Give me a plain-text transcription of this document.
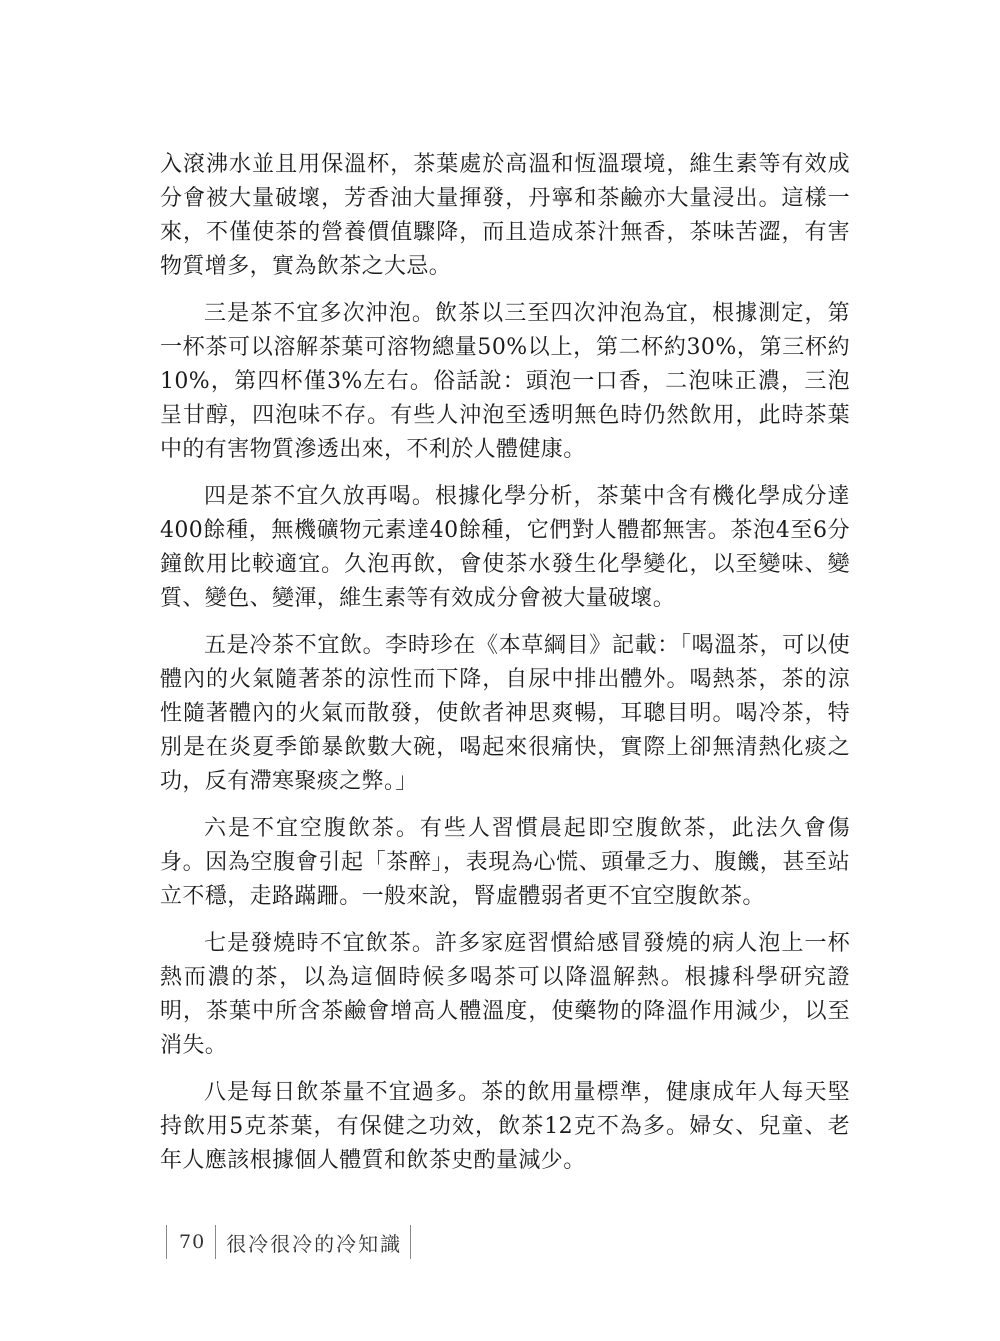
入滾沸水並且用保溫杯，茶葉處於高溫和恆溫環境，維生素等有效成分會被大量破壞，芳香油大量揮發，丹寧和茶鹼亦大量浸出。這樣一來，不僅使茶的營養價值驟降，而且造成茶汁無香，茶味苦澀，有害物質增多，實為飲茶之大忌。

三是茶不宜多次沖泡。飲茶以三至四次沖泡為宜，根據測定，第一杯茶可以溶解茶葉可溶物總量50%以上，第二杯約30%，第三杯約10%，第四杯僅3%左右。俗話說：頭泡一口香，二泡味正濃，三泡呈甘醇，四泡味不存。有些人沖泡至透明無色時仍然飲用，此時茶葉中的有害物質滲透出來，不利於人體健康。

四是茶不宜久放再喝。根據化學分析，茶葉中含有機化學成分達400餘種，無機礦物元素達40餘種，它們對人體都無害。茶泡4至6分鐘飲用比較適宜。久泡再飲，會使茶水發生化學變化，以至變味、變質、變色、變渾，維生素等有效成分會被大量破壞。

五是冷茶不宜飲。李時珍在《本草綱目》記載：「喝溫茶，可以使體內的火氣隨著茶的涼性而下降，自尿中排出體外。喝熱茶，茶的涼性隨著體內的火氣而散發，使飲者神思爽暢，耳聰目明。喝冷茶，特別是在炎夏季節暴飲數大碗，喝起來很痛快，實際上卻無清熱化痰之功，反有滯寒聚痰之弊。」

六是不宜空腹飲茶。有些人習慣晨起即空腹飲茶，此法久會傷身。因為空腹會引起「茶醉」，表現為心慌、頭暈乏力、腹饑，甚至站立不穩，走路蹣跚。一般來說，腎虛體弱者更不宜空腹飲茶。

七是發燒時不宜飲茶。許多家庭習慣給感冒發燒的病人泡上一杯熱而濃的茶，以為這個時候多喝茶可以降溫解熱。根據科學研究證明，茶葉中所含茶鹼會增高人體溫度，使藥物的降溫作用減少，以至消失。

八是每日飲茶量不宜過多。茶的飲用量標準，健康成年人每天堅持飲用5克茶葉，有保健之功效，飲茶12克不為多。婦女、兒童、老年人應該根據個人體質和飲茶史酌量減少。

70	很冷很冷的冷知識
